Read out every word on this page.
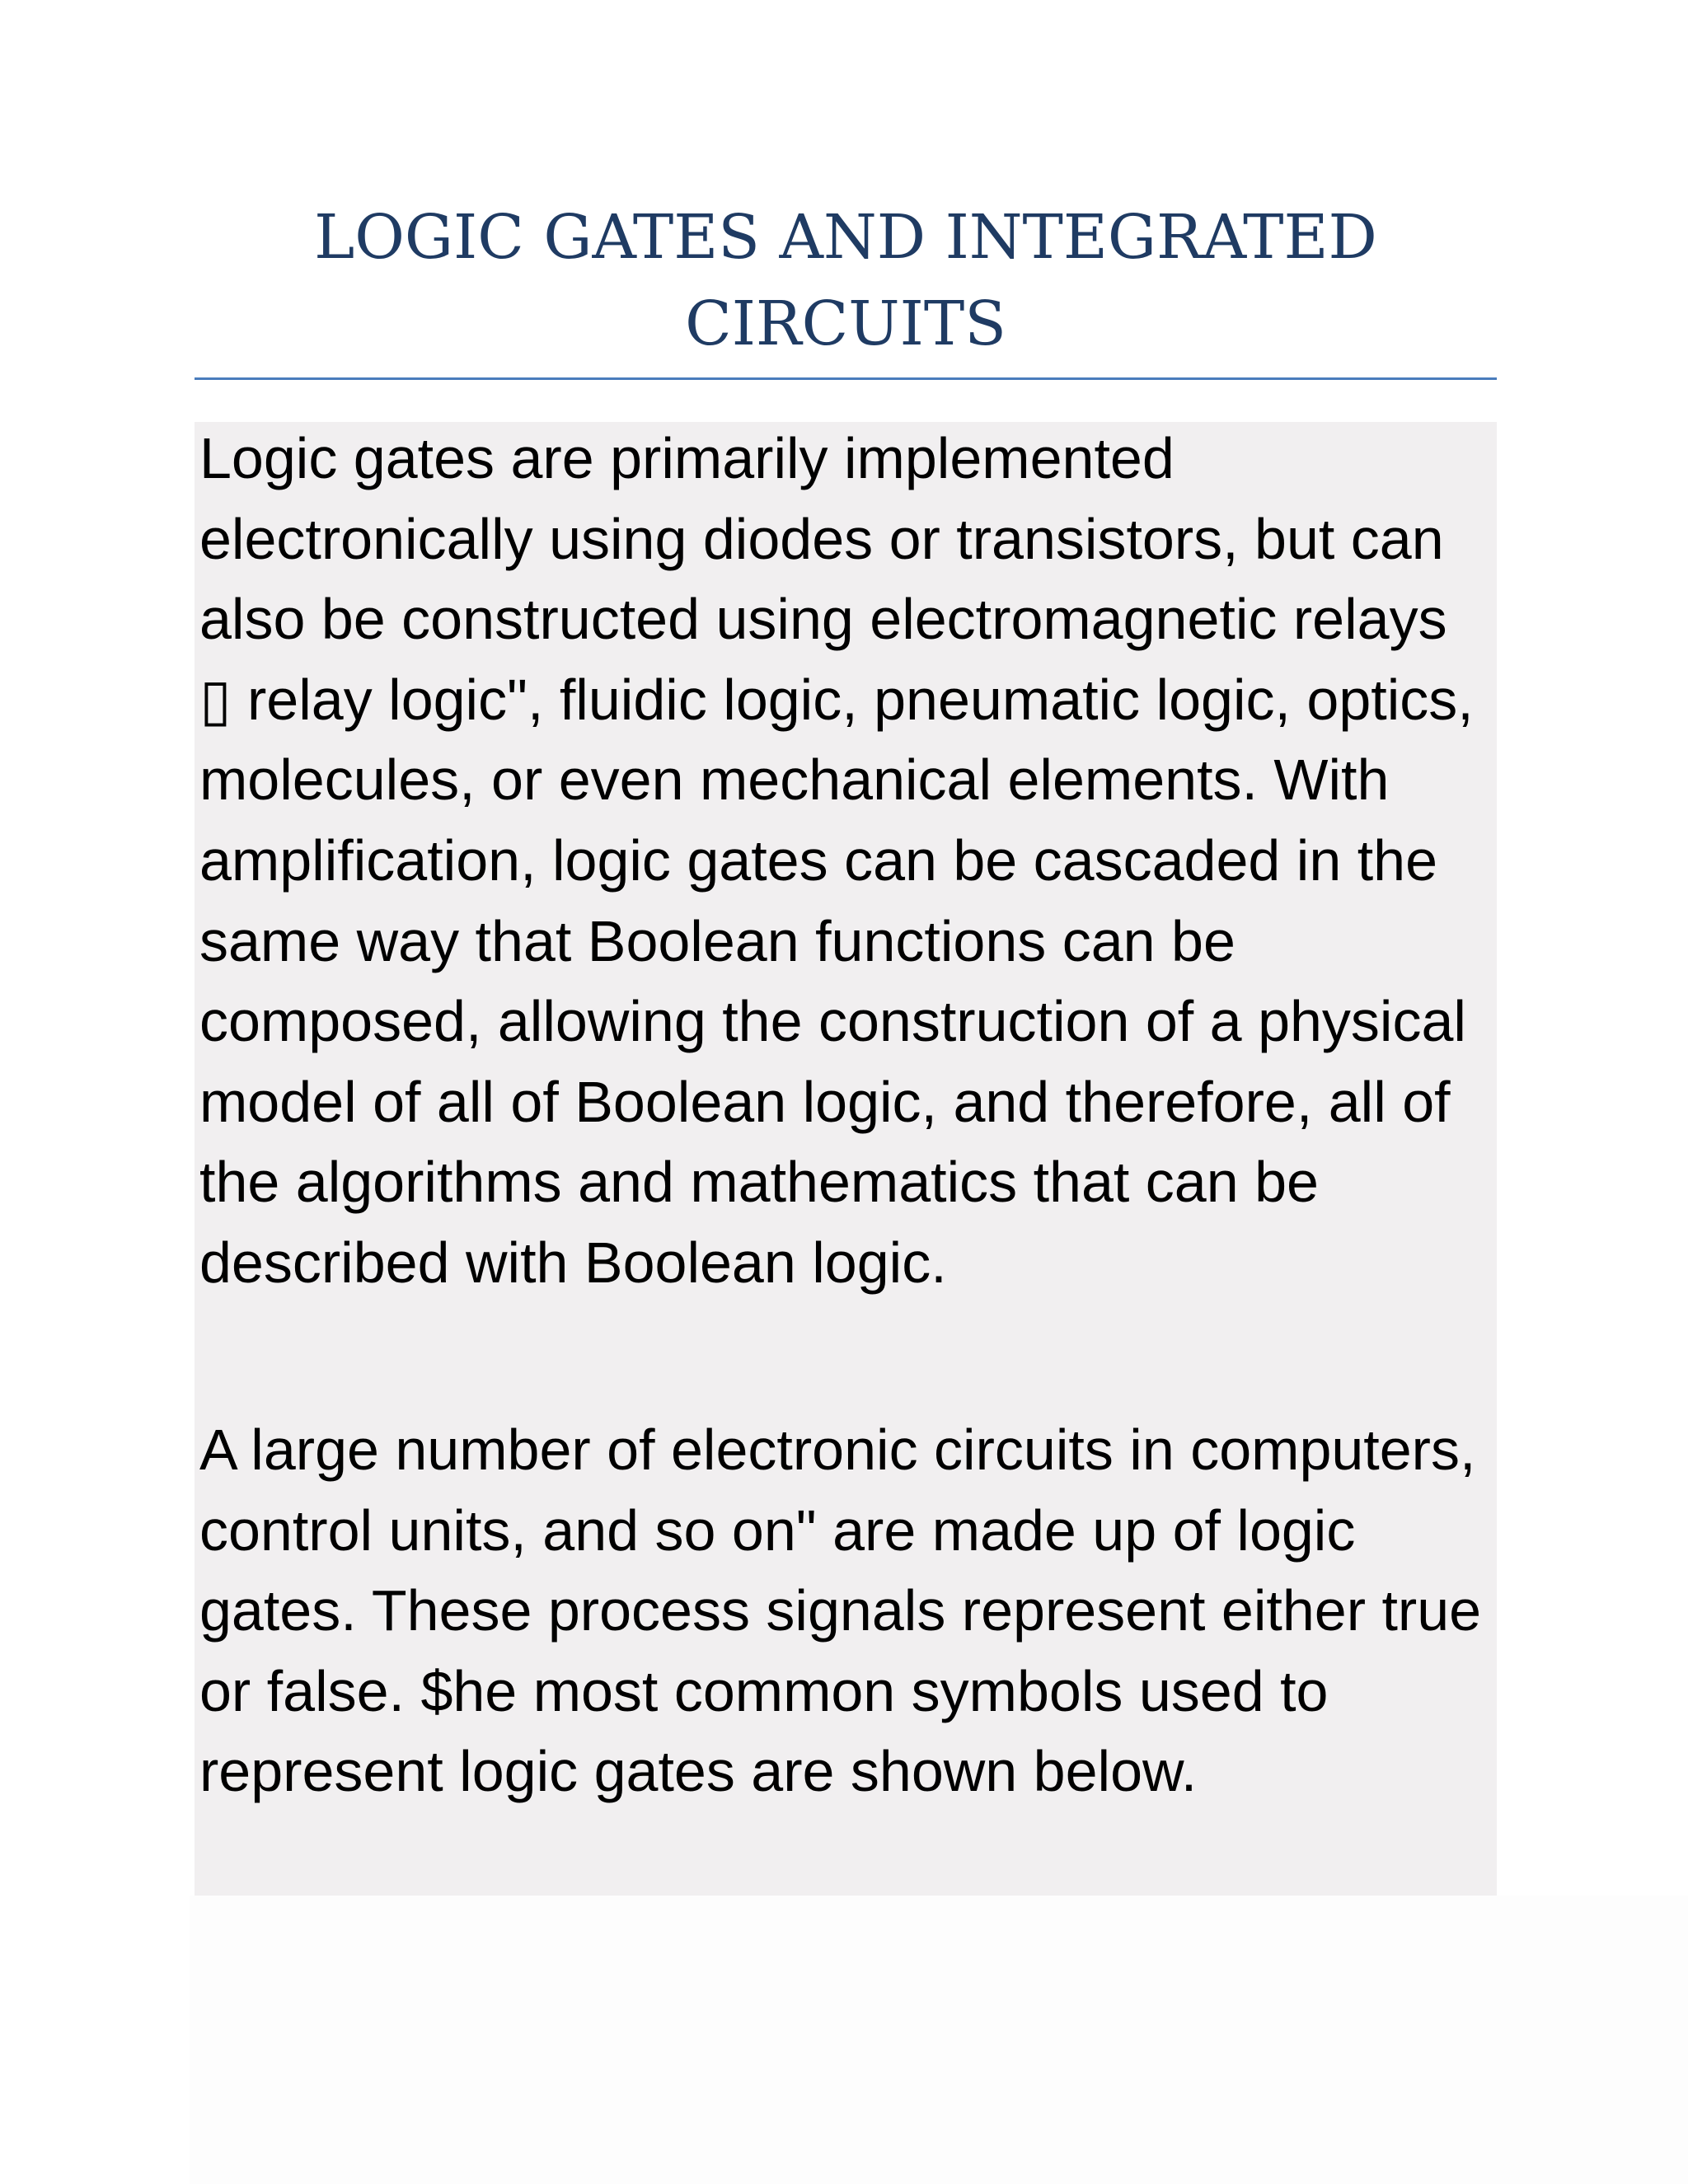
LOGIC GATES AND INTEGRATED CIRCUITS

Logic gates are primarily implemented electronically using diodes or transistors, but can also be constructed using electromagnetic relays ▯ relay logic", fluidic logic, pneumatic logic, optics, molecules, or even mechanical elements. With amplification, logic gates can be cascaded in the same way that Boolean functions can be composed, allowing the construction of a physical model of all of Boolean logic, and therefore, all of the algorithms and mathematics that can be described with Boolean logic.

A large number of electronic circuits in computers, control units, and so on" are made up of logic gates. These process signals represent either true or false. $he most common symbols used to represent logic gates are shown below.
